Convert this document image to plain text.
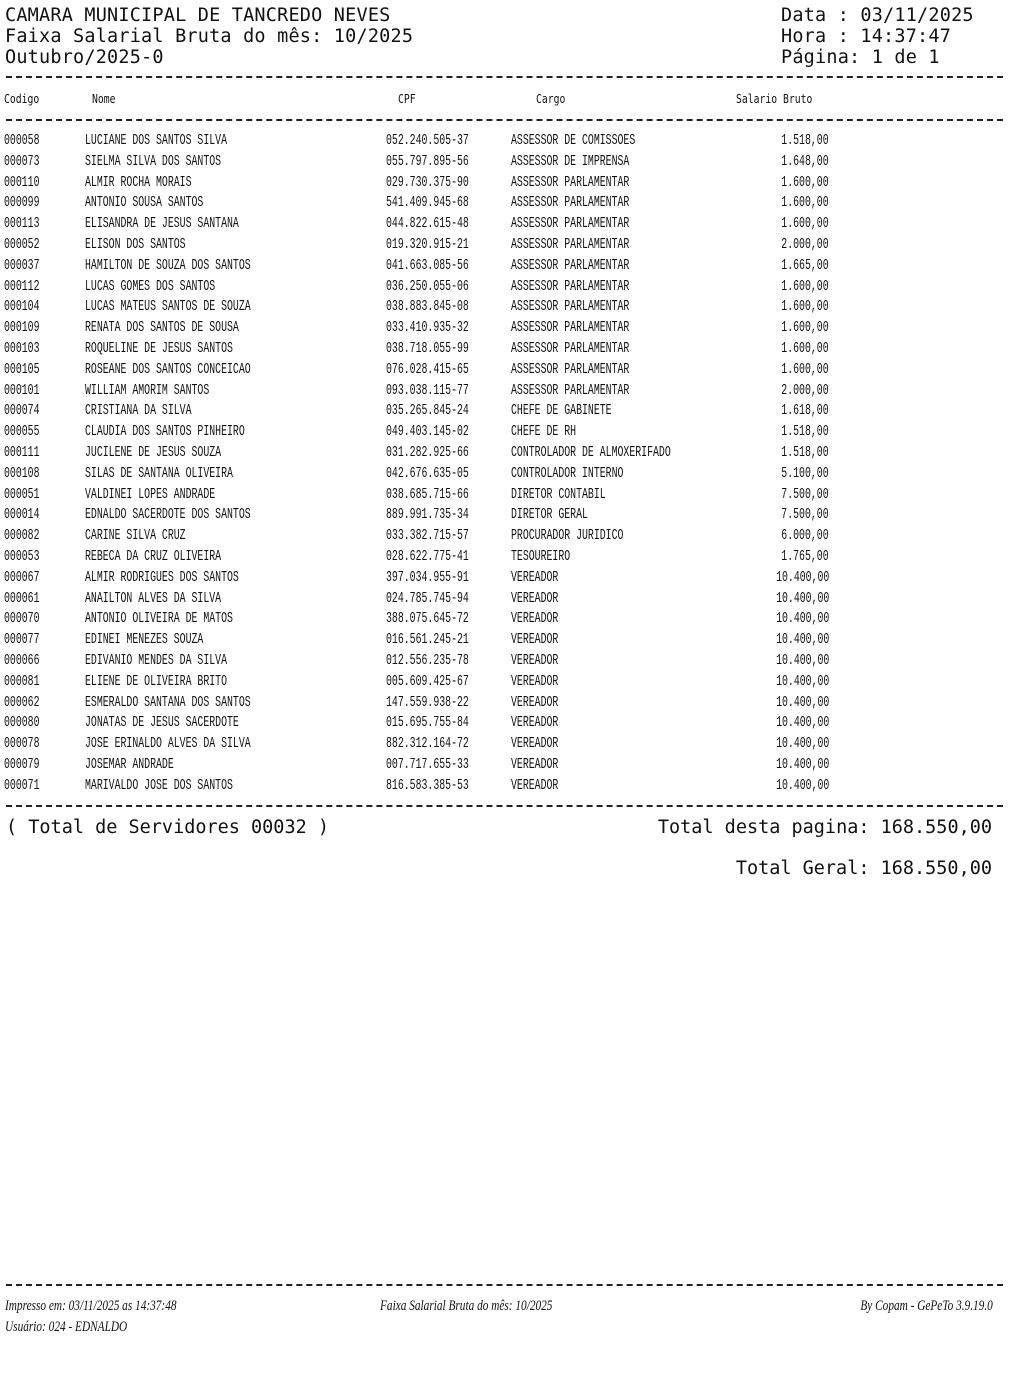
CAMARA MUNICIPAL DE TANCREDO NEVES
Faixa Salarial Bruta do mês: 10/2025
Outubro/2025-0
Data : 03/11/2025
Hora : 14:37:47
Página: 1 de 1
Codigo	Nome	CPF	Cargo	Salario Bruto
000058	LUCIANE DOS SANTOS SILVA	052.240.505-37	ASSESSOR DE COMISSOES	1.518,00
000073	SIELMA SILVA DOS SANTOS	055.797.895-56	ASSESSOR DE IMPRENSA	1.648,00
000110	ALMIR ROCHA MORAIS	029.730.375-90	ASSESSOR PARLAMENTAR	1.600,00
000099	ANTONIO SOUSA SANTOS	541.409.945-68	ASSESSOR PARLAMENTAR	1.600,00
000113	ELISANDRA DE JESUS SANTANA	044.822.615-48	ASSESSOR PARLAMENTAR	1.600,00
000052	ELISON DOS SANTOS	019.320.915-21	ASSESSOR PARLAMENTAR	2.000,00
000037	HAMILTON DE SOUZA DOS SANTOS	041.663.085-56	ASSESSOR PARLAMENTAR	1.665,00
000112	LUCAS GOMES DOS SANTOS	036.250.055-06	ASSESSOR PARLAMENTAR	1.600,00
000104	LUCAS MATEUS SANTOS DE SOUZA	038.883.845-08	ASSESSOR PARLAMENTAR	1.600,00
000109	RENATA DOS SANTOS DE SOUSA	033.410.935-32	ASSESSOR PARLAMENTAR	1.600,00
000103	ROQUELINE DE JESUS SANTOS	038.718.055-99	ASSESSOR PARLAMENTAR	1.600,00
000105	ROSEANE DOS SANTOS CONCEICAO	076.028.415-65	ASSESSOR PARLAMENTAR	1.600,00
000101	WILLIAM AMORIM SANTOS	093.038.115-77	ASSESSOR PARLAMENTAR	2.000,00
000074	CRISTIANA DA SILVA	035.265.845-24	CHEFE DE GABINETE	1.618,00
000055	CLAUDIA DOS SANTOS PINHEIRO	049.403.145-02	CHEFE DE RH	1.518,00
000111	JUCILENE DE JESUS SOUZA	031.282.925-66	CONTROLADOR DE ALMOXERIFADO	1.518,00
000108	SILAS DE SANTANA OLIVEIRA	042.676.635-05	CONTROLADOR INTERNO	5.100,00
000051	VALDINEI LOPES ANDRADE	038.685.715-66	DIRETOR CONTABIL	7.500,00
000014	EDNALDO SACERDOTE DOS SANTOS	889.991.735-34	DIRETOR GERAL	7.500,00
000082	CARINE SILVA CRUZ	033.382.715-57	PROCURADOR JURIDICO	6.000,00
000053	REBECA DA CRUZ OLIVEIRA	028.622.775-41	TESOUREIRO	1.765,00
000067	ALMIR RODRIGUES DOS SANTOS	397.034.955-91	VEREADOR	10.400,00
000061	ANAILTON ALVES DA SILVA	024.785.745-94	VEREADOR	10.400,00
000070	ANTONIO OLIVEIRA DE MATOS	388.075.645-72	VEREADOR	10.400,00
000077	EDINEI MENEZES SOUZA	016.561.245-21	VEREADOR	10.400,00
000066	EDIVANIO MENDES DA SILVA	012.556.235-78	VEREADOR	10.400,00
000081	ELIENE DE OLIVEIRA BRITO	005.609.425-67	VEREADOR	10.400,00
000062	ESMERALDO SANTANA DOS SANTOS	147.559.938-22	VEREADOR	10.400,00
000080	JONATAS DE JESUS SACERDOTE	015.695.755-84	VEREADOR	10.400,00
000078	JOSE ERINALDO ALVES DA SILVA	882.312.164-72	VEREADOR	10.400,00
000079	JOSEMAR ANDRADE	007.717.655-33	VEREADOR	10.400,00
000071	MARIVALDO JOSE DOS SANTOS	816.583.385-53	VEREADOR	10.400,00
( Total de Servidores 00032 )	Total desta pagina: 168.550,00
Total Geral: 168.550,00
Impresso em: 03/11/2025 as 14:37:48
Usuário: 024 - EDNALDO
Faixa Salarial Bruta do mês: 10/2025	By Copam - GePeTo 3.9.19.0
